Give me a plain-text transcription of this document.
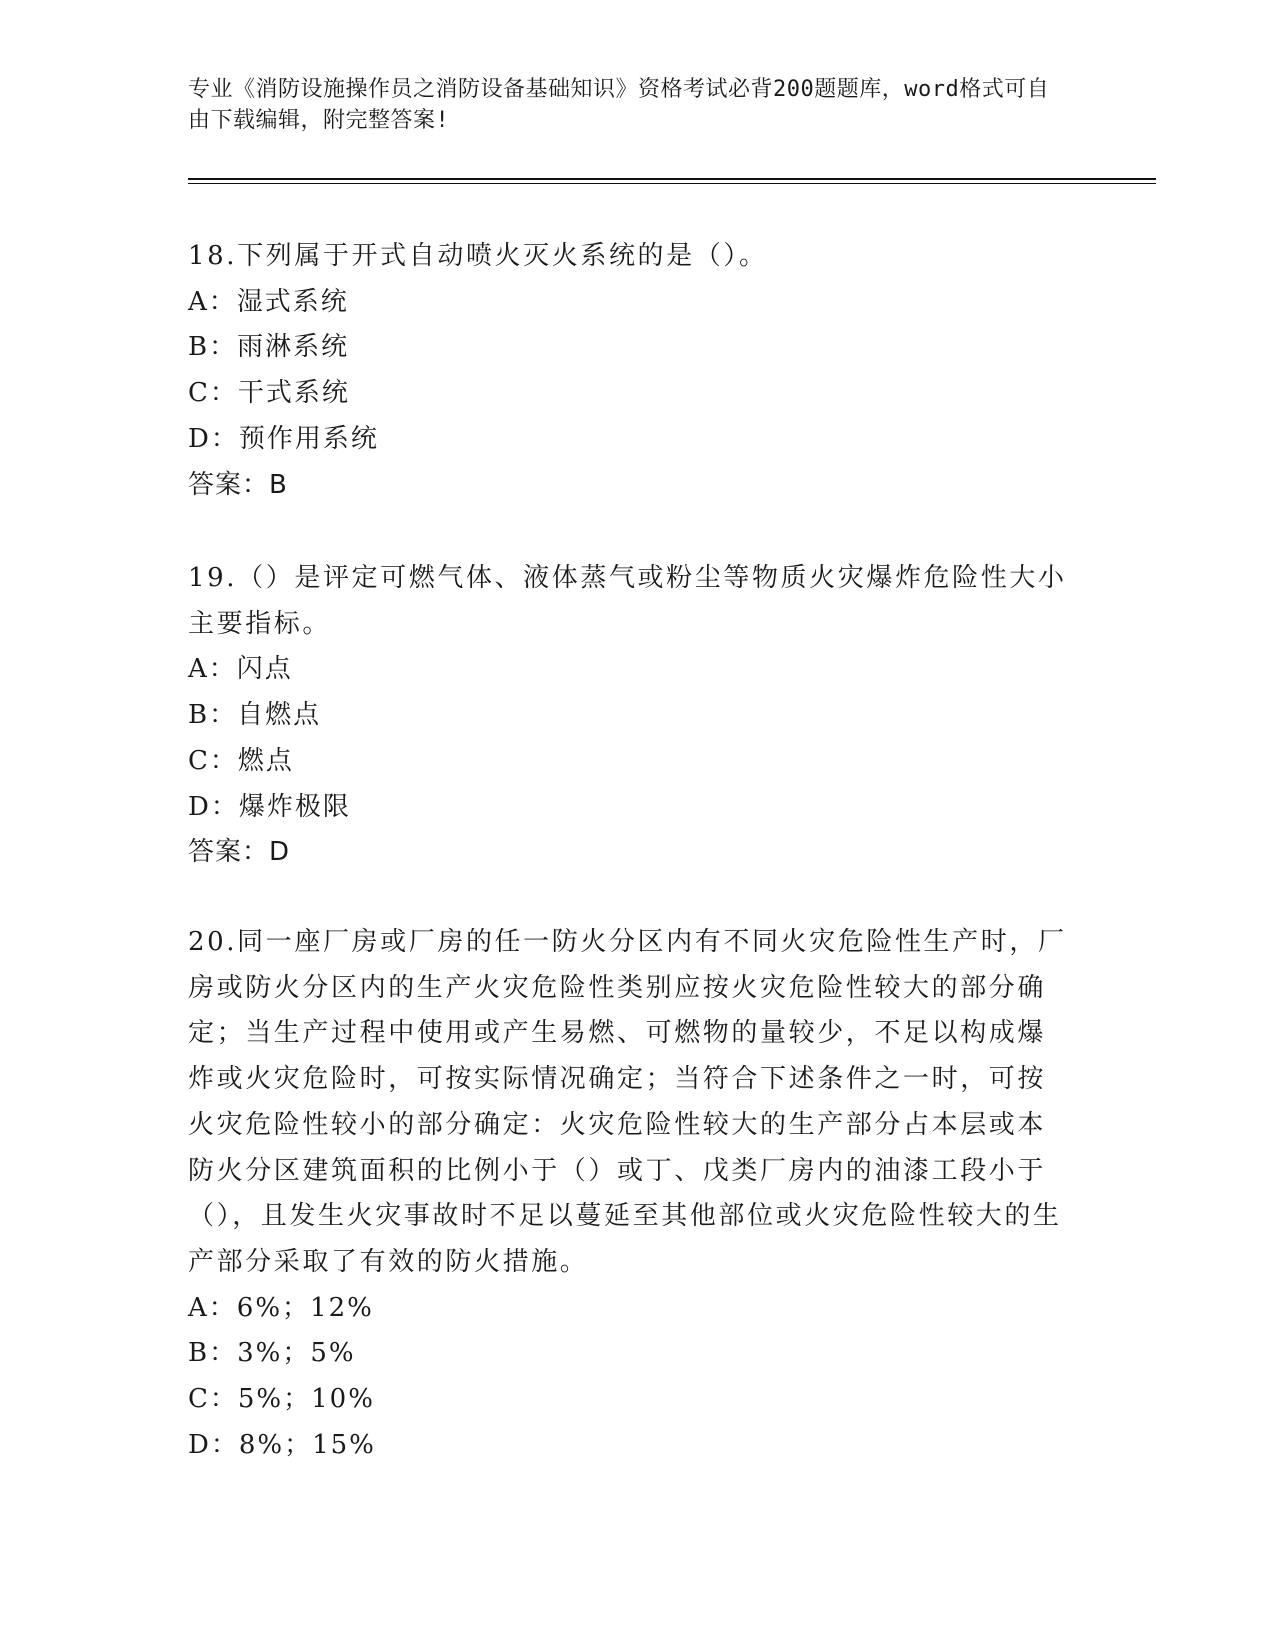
专业《消防设施操作员之消防设备基础知识》资格考试必背200题题库，word格式可自由下载编辑，附完整答案!

18.下列属于开式自动喷火灭火系统的是（）。

A：湿式系统

B：雨淋系统

C：干式系统

D：预作用系统

答案：B

19.（）是评定可燃气体、液体蒸气或粉尘等物质火灾爆炸危险性大小主要指标。

A：闪点

B：自燃点

C：燃点

D：爆炸极限

答案：D

20.同一座厂房或厂房的任一防火分区内有不同火灾危险性生产时，厂房或防火分区内的生产火灾危险性类别应按火灾危险性较大的部分确定；当生产过程中使用或产生易燃、可燃物的量较少，不足以构成爆炸或火灾危险时，可按实际情况确定；当符合下述条件之一时，可按火灾危险性较小的部分确定：火灾危险性较大的生产部分占本层或本防火分区建筑面积的比例小于（）或丁、戊类厂房内的油漆工段小于（），且发生火灾事故时不足以蔓延至其他部位或火灾危险性较大的生产部分采取了有效的防火措施。

A：6%；12%

B：3%；5%

C：5%；10%

D：8%；15%
